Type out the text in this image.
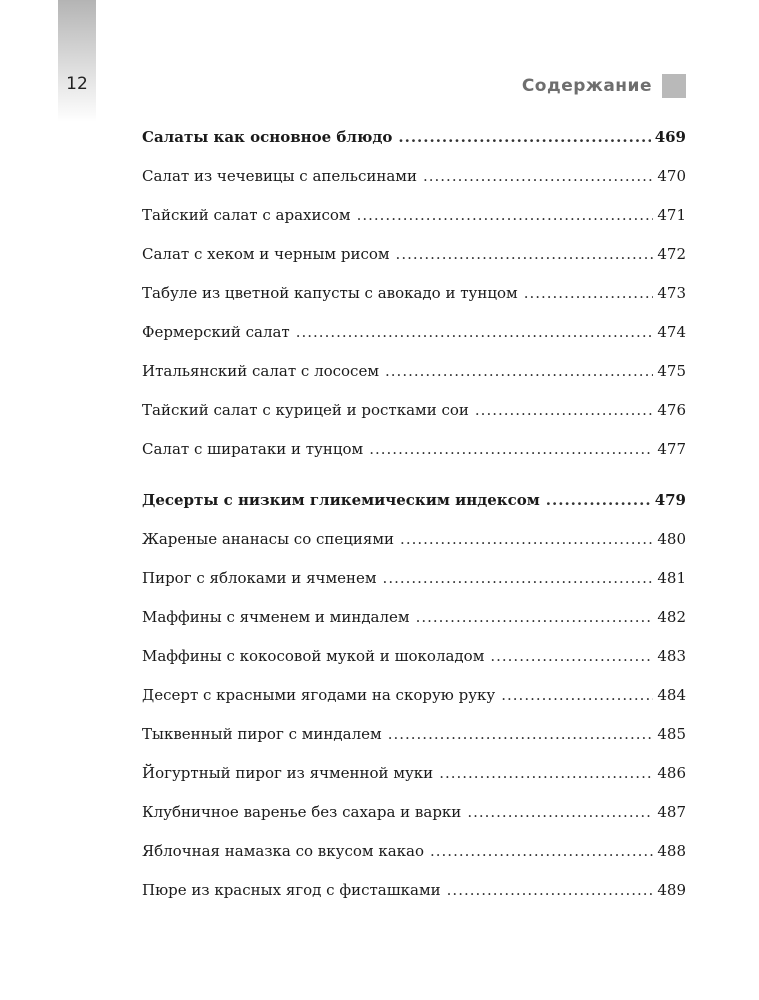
12	Содержание
Салаты как основное блюдо .....	469
Салат из чечевицы с апельсинами .....	470
Тайский салат с арахисом .....	471
Салат с хеком и черным рисом .....	472
Табуле из цветной капусты с авокадо и тунцом .....	473
Фермерский салат .....	474
Итальянский салат с лососем .....	475
Тайский салат с курицей и ростками сои .....	476
Салат с ширатаки и тунцом .....	477
Десерты с низким гликемическим индексом .....	479
Жареные ананасы со специями .....	480
Пирог с яблоками и ячменем .....	481
Маффины с ячменем и миндалем .....	482
Маффины с кокосовой мукой и шоколадом .....	483
Десерт с красными ягодами на скорую руку .....	484
Тыквенный пирог с миндалем .....	485
Йогуртный пирог из ячменной муки .....	486
Клубничное варенье без сахара и варки .....	487
Яблочная намазка со вкусом какао .....	488
Пюре из красных ягод с фисташками .....	489
